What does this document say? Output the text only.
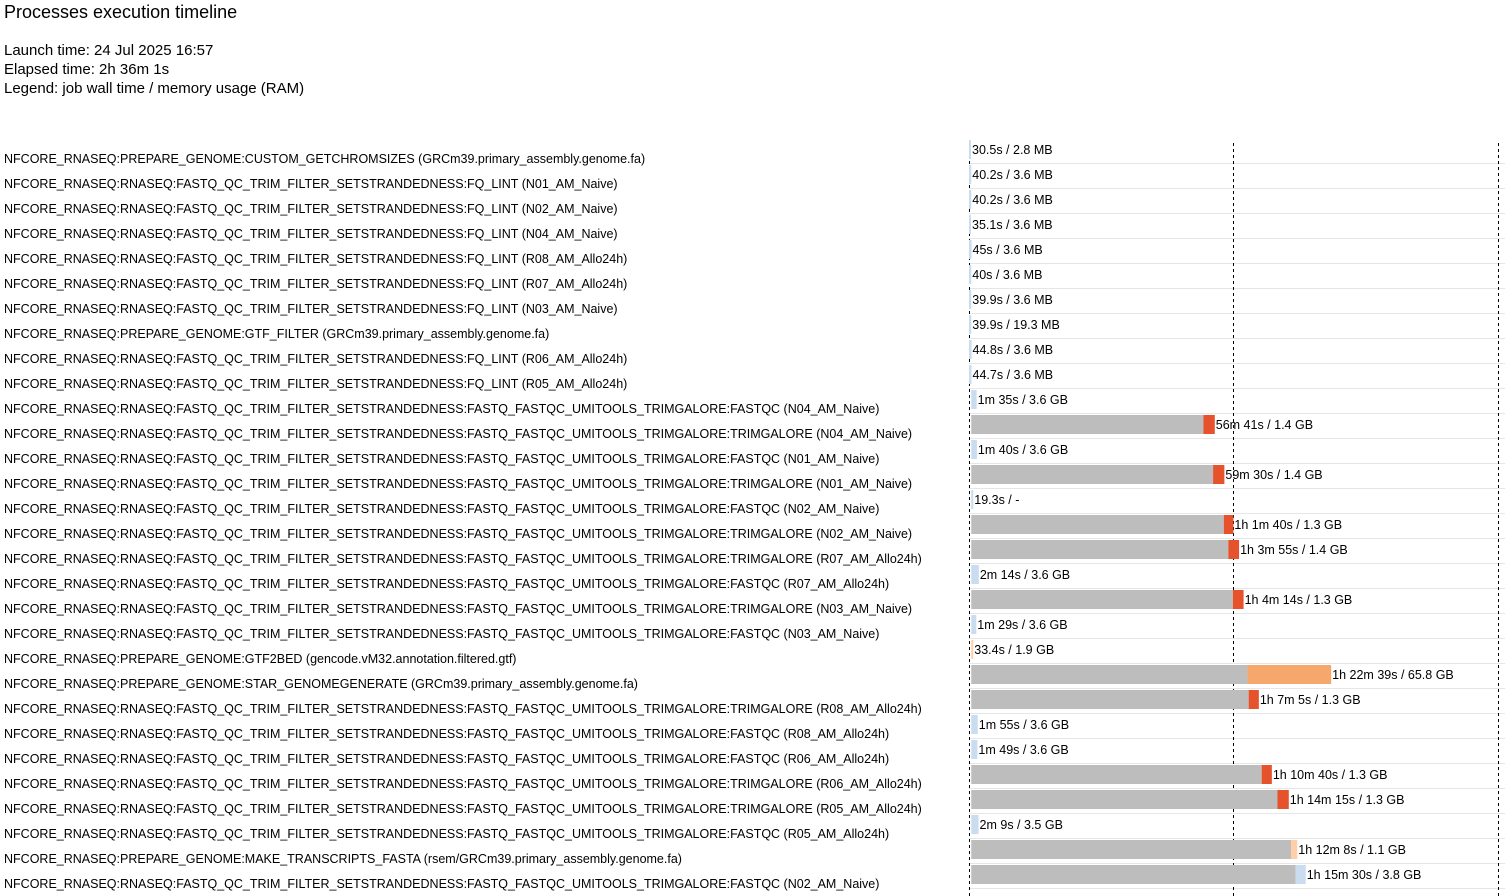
Processes execution timeline
Launch time: 24 Jul 2025 16:57
Elapsed time: 2h 36m 1s
Legend: job wall time / memory usage (RAM)
NFCORE_RNASEQ:PREPARE_GENOME:CUSTOM_GETCHROMSIZES (GRCm39.primary_assembly.genome.fa)
NFCORE_RNASEQ:RNASEQ:FASTQ_QC_TRIM_FILTER_SETSTRANDEDNESS:FQ_LINT (N01_AM_Naive)
NFCORE_RNASEQ:RNASEQ:FASTQ_QC_TRIM_FILTER_SETSTRANDEDNESS:FQ_LINT (N02_AM_Naive)
NFCORE_RNASEQ:RNASEQ:FASTQ_QC_TRIM_FILTER_SETSTRANDEDNESS:FQ_LINT (N04_AM_Naive)
NFCORE_RNASEQ:RNASEQ:FASTQ_QC_TRIM_FILTER_SETSTRANDEDNESS:FQ_LINT (R08_AM_Allo24h)
NFCORE_RNASEQ:RNASEQ:FASTQ_QC_TRIM_FILTER_SETSTRANDEDNESS:FQ_LINT (R07_AM_Allo24h)
NFCORE_RNASEQ:RNASEQ:FASTQ_QC_TRIM_FILTER_SETSTRANDEDNESS:FQ_LINT (N03_AM_Naive)
NFCORE_RNASEQ:PREPARE_GENOME:GTF_FILTER (GRCm39.primary_assembly.genome.fa)
NFCORE_RNASEQ:RNASEQ:FASTQ_QC_TRIM_FILTER_SETSTRANDEDNESS:FQ_LINT (R06_AM_Allo24h)
NFCORE_RNASEQ:RNASEQ:FASTQ_QC_TRIM_FILTER_SETSTRANDEDNESS:FQ_LINT (R05_AM_Allo24h)
NFCORE_RNASEQ:RNASEQ:FASTQ_QC_TRIM_FILTER_SETSTRANDEDNESS:FASTQ_FASTQC_UMITOOLS_TRIMGALORE:FASTQC (N04_AM_Naive)
NFCORE_RNASEQ:RNASEQ:FASTQ_QC_TRIM_FILTER_SETSTRANDEDNESS:FASTQ_FASTQC_UMITOOLS_TRIMGALORE:TRIMGALORE (N04_AM_Naive)
NFCORE_RNASEQ:RNASEQ:FASTQ_QC_TRIM_FILTER_SETSTRANDEDNESS:FASTQ_FASTQC_UMITOOLS_TRIMGALORE:FASTQC (N01_AM_Naive)
NFCORE_RNASEQ:RNASEQ:FASTQ_QC_TRIM_FILTER_SETSTRANDEDNESS:FASTQ_FASTQC_UMITOOLS_TRIMGALORE:TRIMGALORE (N01_AM_Naive)
NFCORE_RNASEQ:RNASEQ:FASTQ_QC_TRIM_FILTER_SETSTRANDEDNESS:FASTQ_FASTQC_UMITOOLS_TRIMGALORE:FASTQC (N02_AM_Naive)
NFCORE_RNASEQ:RNASEQ:FASTQ_QC_TRIM_FILTER_SETSTRANDEDNESS:FASTQ_FASTQC_UMITOOLS_TRIMGALORE:TRIMGALORE (N02_AM_Naive)
NFCORE_RNASEQ:RNASEQ:FASTQ_QC_TRIM_FILTER_SETSTRANDEDNESS:FASTQ_FASTQC_UMITOOLS_TRIMGALORE:TRIMGALORE (R07_AM_Allo24h)
NFCORE_RNASEQ:RNASEQ:FASTQ_QC_TRIM_FILTER_SETSTRANDEDNESS:FASTQ_FASTQC_UMITOOLS_TRIMGALORE:FASTQC (R07_AM_Allo24h)
NFCORE_RNASEQ:RNASEQ:FASTQ_QC_TRIM_FILTER_SETSTRANDEDNESS:FASTQ_FASTQC_UMITOOLS_TRIMGALORE:TRIMGALORE (N03_AM_Naive)
NFCORE_RNASEQ:RNASEQ:FASTQ_QC_TRIM_FILTER_SETSTRANDEDNESS:FASTQ_FASTQC_UMITOOLS_TRIMGALORE:FASTQC (N03_AM_Naive)
NFCORE_RNASEQ:PREPARE_GENOME:GTF2BED (gencode.vM32.annotation.filtered.gtf)
NFCORE_RNASEQ:PREPARE_GENOME:STAR_GENOMEGENERATE (GRCm39.primary_assembly.genome.fa)
NFCORE_RNASEQ:RNASEQ:FASTQ_QC_TRIM_FILTER_SETSTRANDEDNESS:FASTQ_FASTQC_UMITOOLS_TRIMGALORE:TRIMGALORE (R08_AM_Allo24h)
NFCORE_RNASEQ:RNASEQ:FASTQ_QC_TRIM_FILTER_SETSTRANDEDNESS:FASTQ_FASTQC_UMITOOLS_TRIMGALORE:FASTQC (R08_AM_Allo24h)
NFCORE_RNASEQ:RNASEQ:FASTQ_QC_TRIM_FILTER_SETSTRANDEDNESS:FASTQ_FASTQC_UMITOOLS_TRIMGALORE:FASTQC (R06_AM_Allo24h)
NFCORE_RNASEQ:RNASEQ:FASTQ_QC_TRIM_FILTER_SETSTRANDEDNESS:FASTQ_FASTQC_UMITOOLS_TRIMGALORE:TRIMGALORE (R06_AM_Allo24h)
NFCORE_RNASEQ:RNASEQ:FASTQ_QC_TRIM_FILTER_SETSTRANDEDNESS:FASTQ_FASTQC_UMITOOLS_TRIMGALORE:TRIMGALORE (R05_AM_Allo24h)
NFCORE_RNASEQ:RNASEQ:FASTQ_QC_TRIM_FILTER_SETSTRANDEDNESS:FASTQ_FASTQC_UMITOOLS_TRIMGALORE:FASTQC (R05_AM_Allo24h)
NFCORE_RNASEQ:PREPARE_GENOME:MAKE_TRANSCRIPTS_FASTA (rsem/GRCm39.primary_assembly.genome.fa)
NFCORE_RNASEQ:RNASEQ:FASTQ_QC_TRIM_FILTER_SETSTRANDEDNESS:FASTQ_FASTQC_UMITOOLS_TRIMGALORE:FASTQC (N02_AM_Naive)
30.5s / 2.8 MB
40.2s / 3.6 MB
40.2s / 3.6 MB
35.1s / 3.6 MB
45s / 3.6 MB
40s / 3.6 MB
39.9s / 3.6 MB
39.9s / 19.3 MB
44.8s / 3.6 MB
44.7s / 3.6 MB
1m 35s / 3.6 GB
56m 41s / 1.4 GB
1m 40s / 3.6 GB
59m 30s / 1.4 GB
19.3s / -
1h 1m 40s / 1.3 GB
1h 3m 55s / 1.4 GB
2m 14s / 3.6 GB
1h 4m 14s / 1.3 GB
1m 29s / 3.6 GB
33.4s / 1.9 GB
1h 22m 39s / 65.8 GB
1h 7m 5s / 1.3 GB
1m 55s / 3.6 GB
1m 49s / 3.6 GB
1h 10m 40s / 1.3 GB
1h 14m 15s / 1.3 GB
2m 9s / 3.5 GB
1h 12m 8s / 1.1 GB
1h 15m 30s / 3.8 GB
